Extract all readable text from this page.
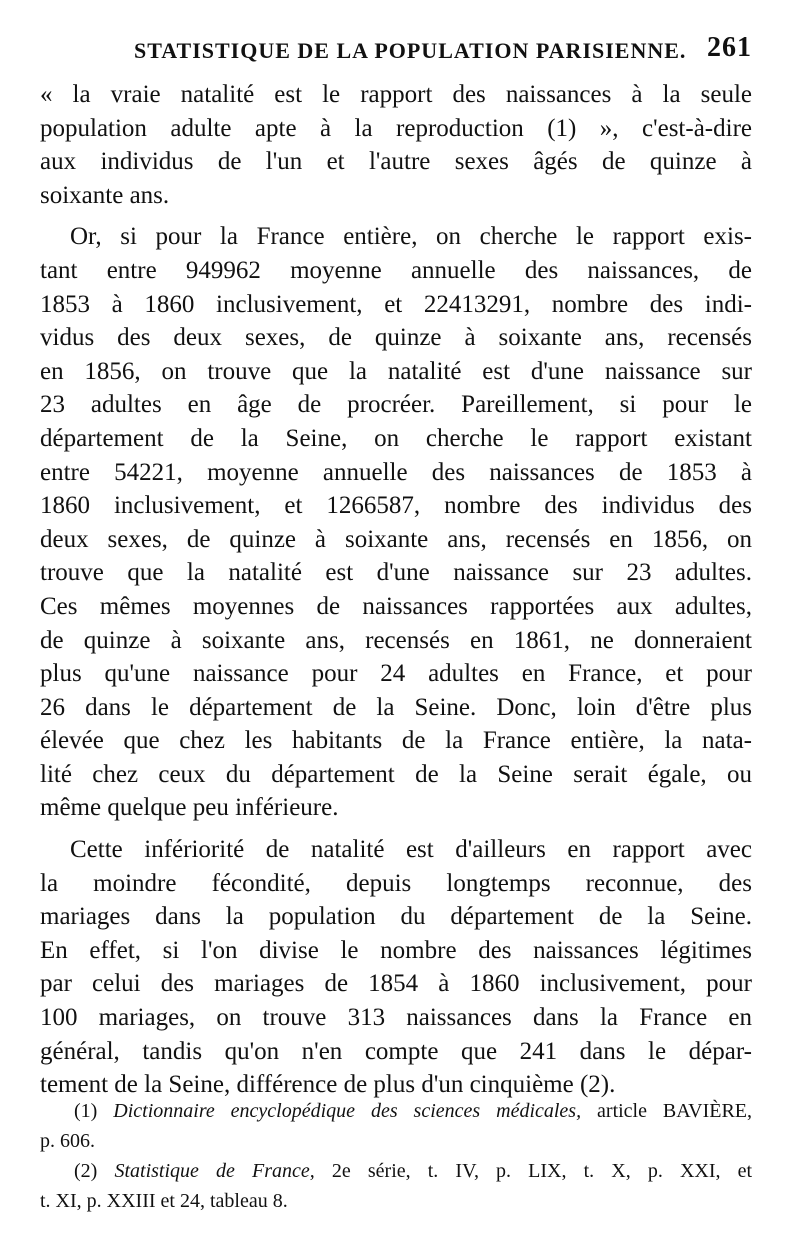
STATISTIQUE DE LA POPULATION PARISIENNE. 261
« la vraie natalité est le rapport des naissances à la seule
population adulte apte à la reproduction (1) », c'est-à-dire
aux individus de l'un et l'autre sexes âgés de quinze à
soixante ans.
Or, si pour la France entière, on cherche le rapport exis-
tant entre 949962 moyenne annuelle des naissances, de
1853 à 1860 inclusivement, et 22413291, nombre des indi-
vidus des deux sexes, de quinze à soixante ans, recensés
en 1856, on trouve que la natalité est d'une naissance sur
23 adultes en âge de procréer. Pareillement, si pour le
département de la Seine, on cherche le rapport existant
entre 54221, moyenne annuelle des naissances de 1853 à
1860 inclusivement, et 1266587, nombre des individus des
deux sexes, de quinze à soixante ans, recensés en 1856, on
trouve que la natalité est d'une naissance sur 23 adultes.
Ces mêmes moyennes de naissances rapportées aux adultes,
de quinze à soixante ans, recensés en 1861, ne donneraient
plus qu'une naissance pour 24 adultes en France, et pour
26 dans le département de la Seine. Donc, loin d'être plus
élevée que chez les habitants de la France entière, la nata-
lité chez ceux du département de la Seine serait égale, ou
même quelque peu inférieure.
Cette infériorité de natalité est d'ailleurs en rapport avec
la moindre fécondité, depuis longtemps reconnue, des
mariages dans la population du département de la Seine.
En effet, si l'on divise le nombre des naissances légitimes
par celui des mariages de 1854 à 1860 inclusivement, pour
100 mariages, on trouve 313 naissances dans la France en
général, tandis qu'on n'en compte que 241 dans le dépar-
tement de la Seine, différence de plus d'un cinquième (2).
(1) Dictionnaire encyclopédique des sciences médicales, article BAVIÈRE,
p. 606.
(2) Statistique de France, 2e série, t. IV, p. LIX, t. X, p. XXI, et
t. XI, p. XXIII et 24, tableau 8.
